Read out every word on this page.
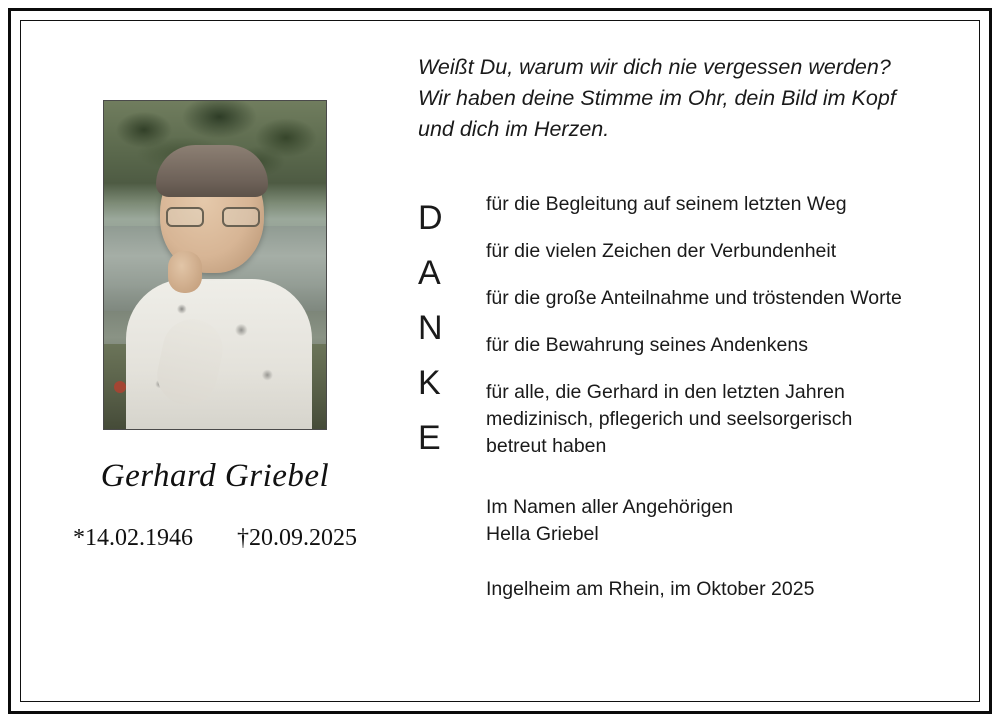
Gerhard Griebel
*14.02.1946 †20.09.2025
Weißt Du, warum wir dich nie vergessen werden?
Wir haben deine Stimme im Ohr, dein Bild im Kopf
und dich im Herzen.
D
A
N
K
E
für die Begleitung auf seinem letzten Weg
für die vielen Zeichen der Verbundenheit
für die große Anteilnahme und tröstenden Worte
für die Bewahrung seines Andenkens
für alle, die Gerhard in den letzten Jahren
medizinisch, pflegerich und seelsorgerisch
betreut haben
Im Namen aller Angehörigen
Hella Griebel
Ingelheim am Rhein, im Oktober 2025
